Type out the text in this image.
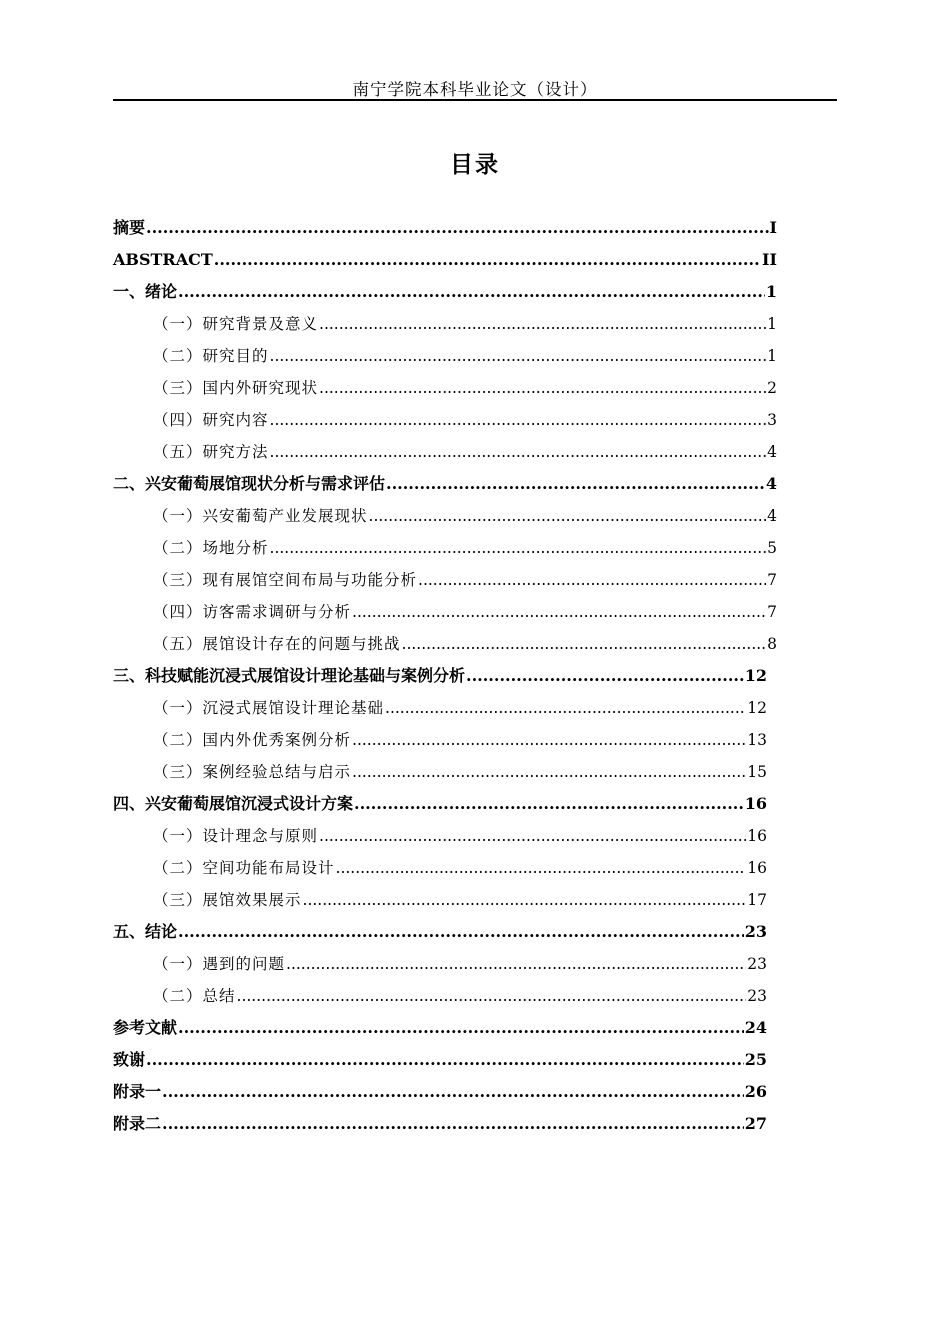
南宁学院本科毕业论文（设计）
目录
摘要 .....	I
ABSTRACT .....	II
一、绪论 .....	1
（一）研究背景及意义 .....	1
（二）研究目的 .....	1
（三）国内外研究现状 .....	2
（四）研究内容 .....	3
（五）研究方法 .....	4
二、兴安葡萄展馆现状分析与需求评估 .....	4
（一）兴安葡萄产业发展现状 .....	4
（二）场地分析 .....	5
（三）现有展馆空间布局与功能分析 .....	7
（四）访客需求调研与分析 .....	7
（五）展馆设计存在的问题与挑战 .....	8
三、科技赋能沉浸式展馆设计理论基础与案例分析 .....	12
（一）沉浸式展馆设计理论基础 .....	12
（二）国内外优秀案例分析 .....	13
（三）案例经验总结与启示 .....	15
四、兴安葡萄展馆沉浸式设计方案 .....	16
（一）设计理念与原则 .....	16
（二）空间功能布局设计 .....	16
（三）展馆效果展示 .....	17
五、结论 .....	23
（一）遇到的问题 .....	23
（二）总结 .....	23
参考文献 .....	24
致谢 .....	25
附录一 .....	26
附录二 .....	27
